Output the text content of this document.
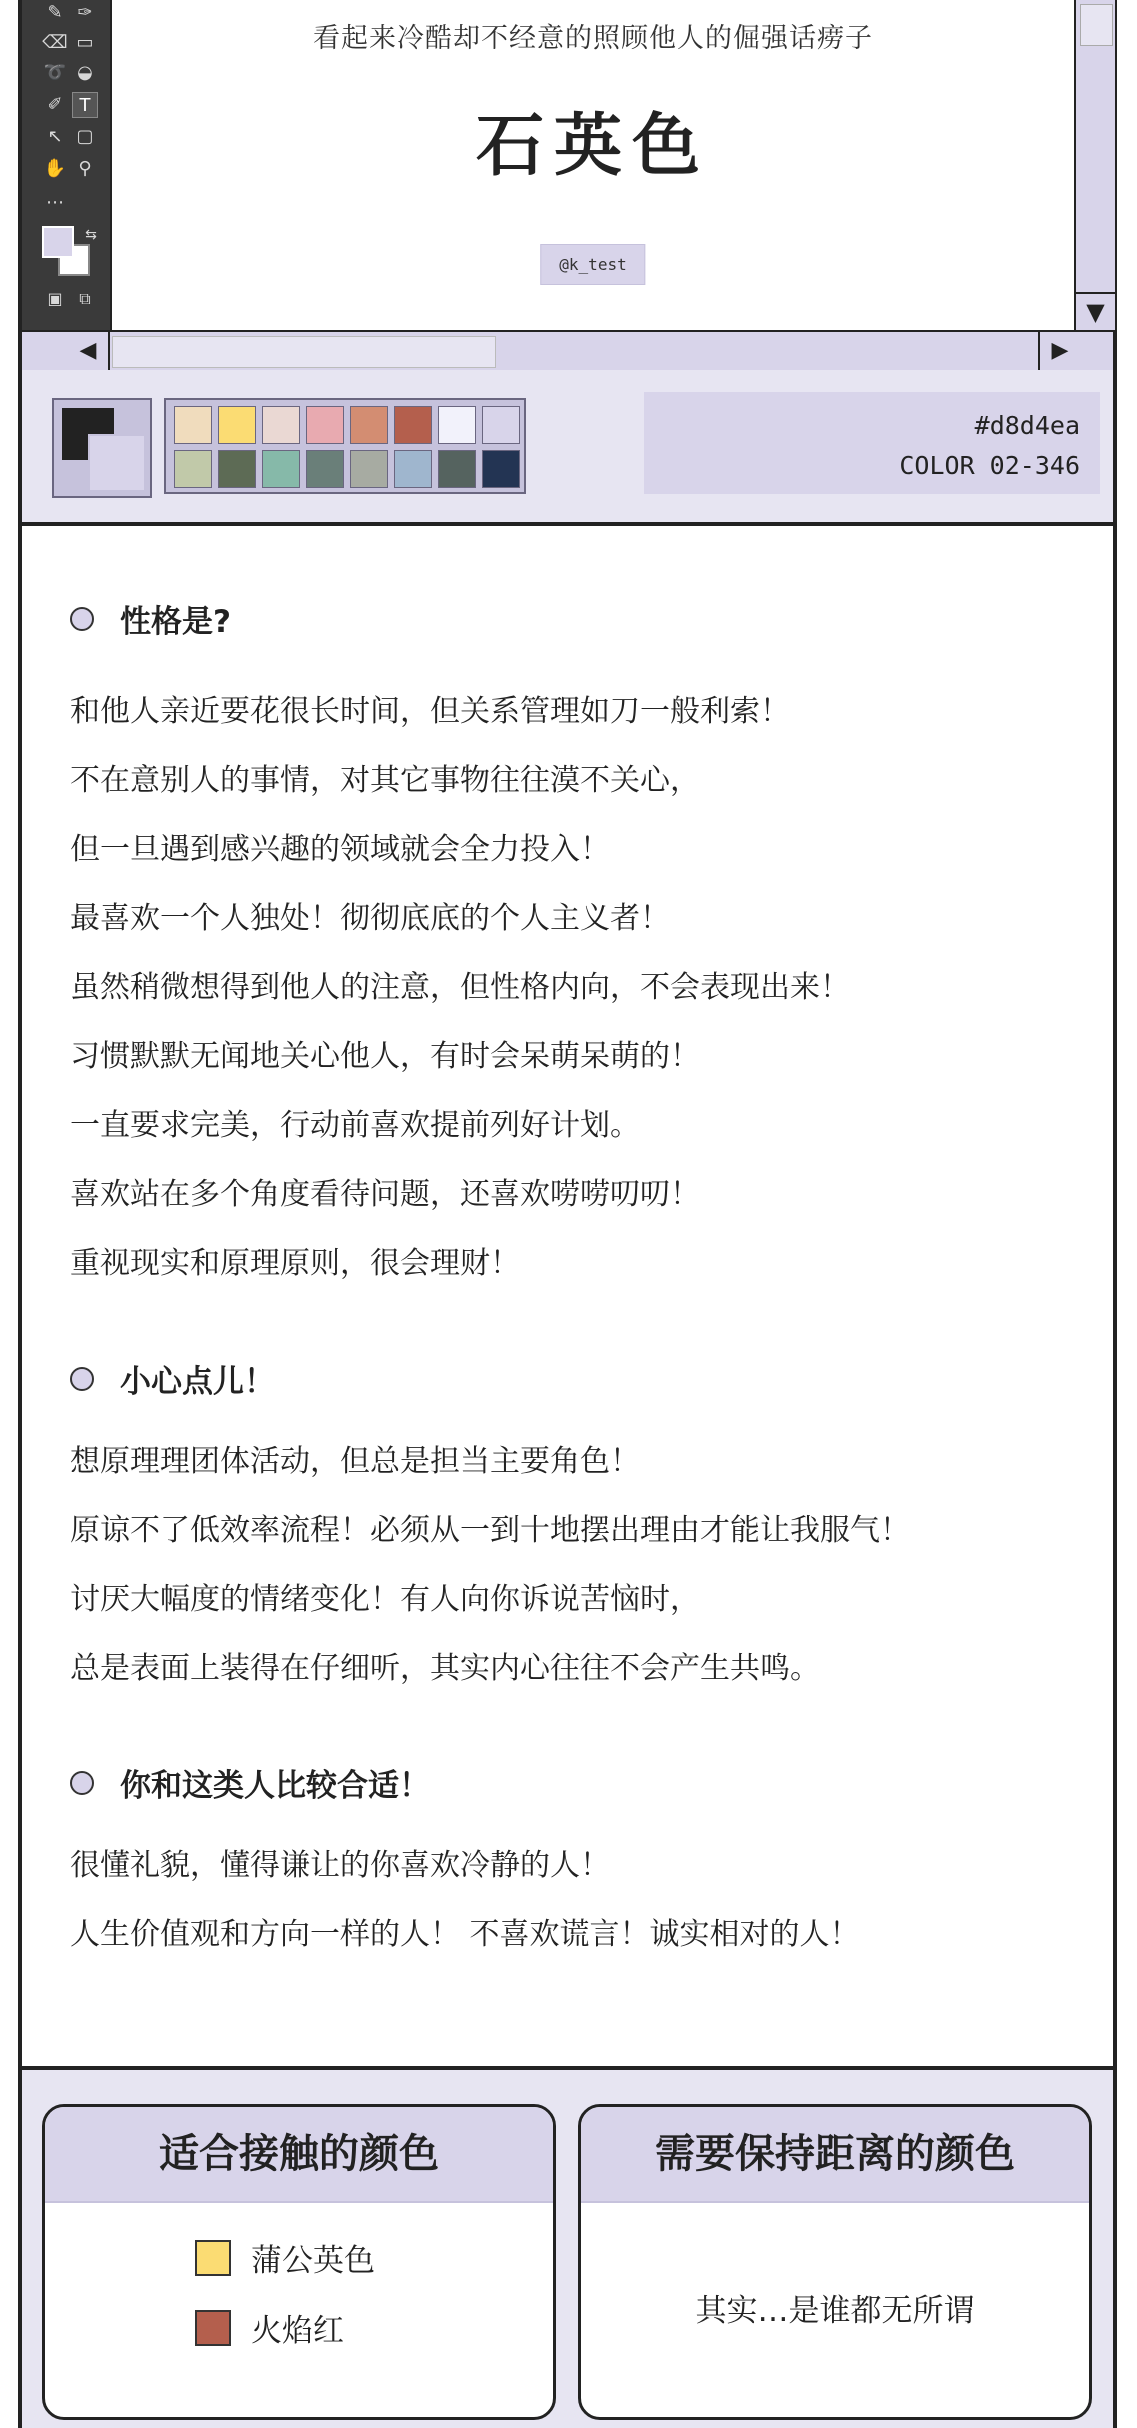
✎ ✑
⌫ ▭
➰ ◒
✐ T
↖ ▢
✋ ⚲
⋯
⇆
▣	⧉
看起来冷酷却不经意的照顾他人的倔强话痨子
石英色
@k_test
▼
◀	▶
#d8d4ea
COLOR 02-346
性格是?
和他人亲近要花很长时间，但关系管理如刀一般利索！
不在意别人的事情，对其它事物往往漠不关心，
但一旦遇到感兴趣的领域就会全力投入！
最喜欢一个人独处！彻彻底底的个人主义者！
虽然稍微想得到他人的注意，但性格内向，不会表现出来！
习惯默默无闻地关心他人，有时会呆萌呆萌的！
一直要求完美，行动前喜欢提前列好计划。
喜欢站在多个角度看待问题，还喜欢唠唠叨叨！
重视现实和原理原则，很会理财！
小心点儿！
想原理理团体活动，但总是担当主要角色！
原谅不了低效率流程！必须从一到十地摆出理由才能让我服气！
讨厌大幅度的情绪变化！有人向你诉说苦恼时，
总是表面上装得在仔细听，其实内心往往不会产生共鸣。
你和这类人比较合适！
很懂礼貌，懂得谦让的你喜欢冷静的人！
人生价值观和方向一样的人！ 不喜欢谎言！诚实相对的人！
适合接触的颜色
蒲公英色
火焰红
需要保持距离的颜色
其实…是谁都无所谓
